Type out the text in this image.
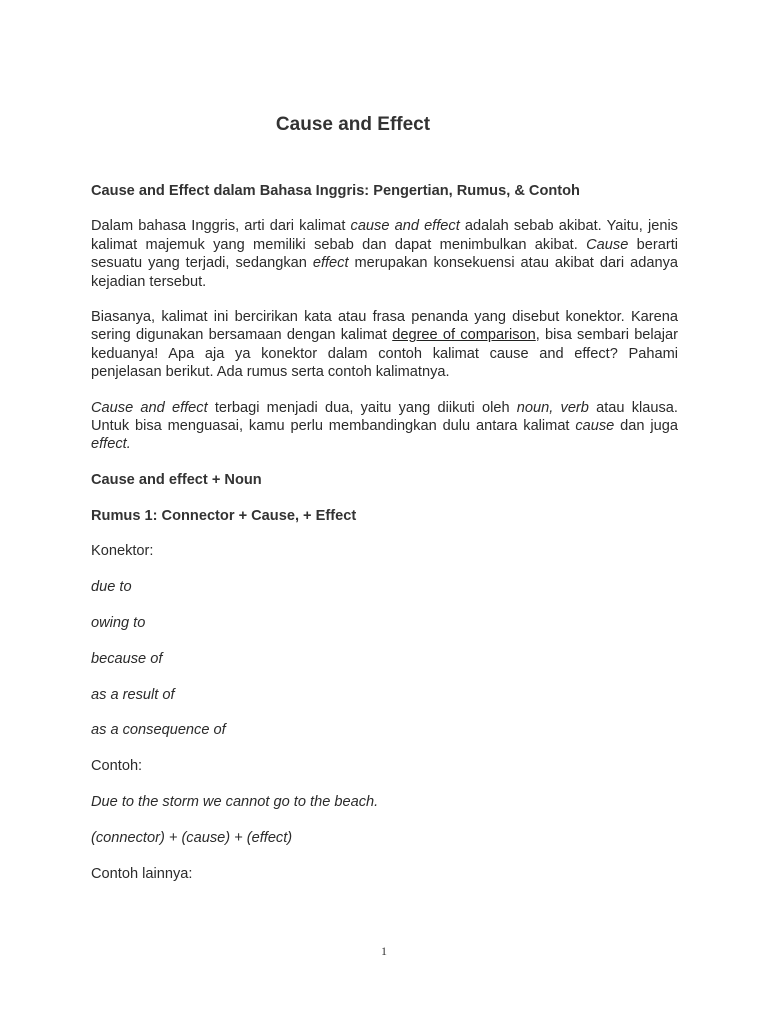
Cause and Effect

Cause and Effect dalam Bahasa Inggris: Pengertian, Rumus, & Contoh

Dalam bahasa Inggris, arti dari kalimat cause and effect adalah sebab akibat. Yaitu, jenis kalimat majemuk yang memiliki sebab dan dapat menimbulkan akibat. Cause berarti sesuatu yang terjadi, sedangkan effect merupakan konsekuensi atau akibat dari adanya kejadian tersebut.

Biasanya, kalimat ini bercirikan kata atau frasa penanda yang disebut konektor. Karena sering digunakan bersamaan dengan kalimat degree of comparison, bisa sembari belajar keduanya! Apa aja ya konektor dalam contoh kalimat cause and effect? Pahami penjelasan berikut. Ada rumus serta contoh kalimatnya.

Cause and effect terbagi menjadi dua, yaitu yang diikuti oleh noun, verb atau klausa. Untuk bisa menguasai, kamu perlu membandingkan dulu antara kalimat cause dan juga effect.

Cause and effect + Noun

Rumus 1: Connector + Cause, + Effect

Konektor:

due to

owing to

because of

as a result of

as a consequence of

Contoh:

Due to the storm we cannot go to the beach.

(connector) + (cause) + (effect)

Contoh lainnya:

1
